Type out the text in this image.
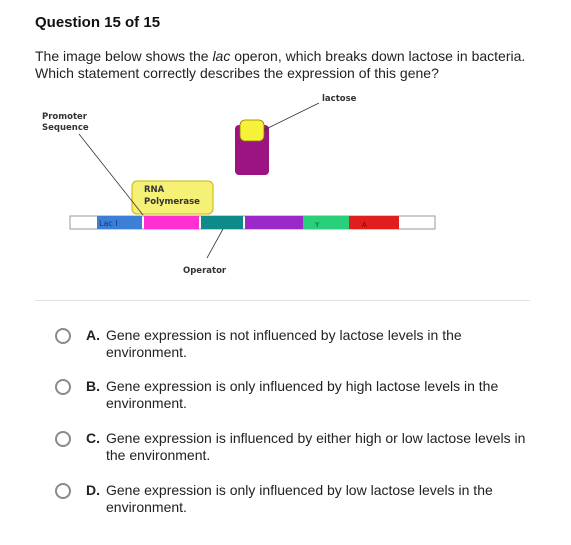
Question 15 of 15
The image below shows the lac operon, which breaks down lactose in bacteria. Which statement correctly describes the expression of this gene?
Lac I	Y	A
RNA
Polymerase
Promoter
Sequence
lactose
Operator
A. Gene expression is not influenced by lactose levels in the environment.
B. Gene expression is only influenced by high lactose levels in the environment.
C. Gene expression is influenced by either high or low lactose levels in the environment.
D. Gene expression is only influenced by low lactose levels in the environment.
